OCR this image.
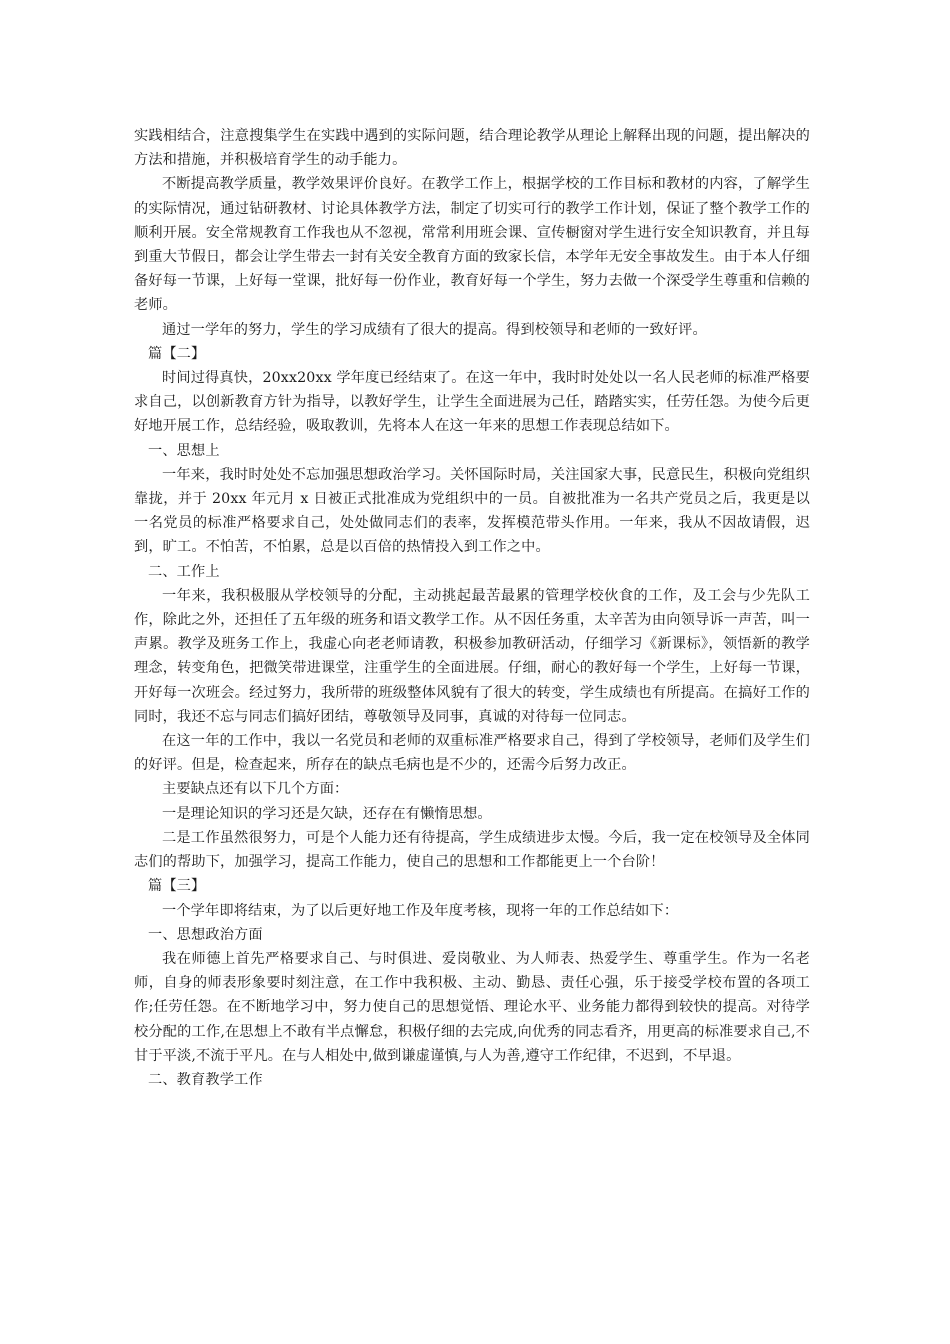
实践相结合，注意搜集学生在实践中遇到的实际问题，结合理论教学从理论上解释出现的问题，提出解决的方法和措施，并积极培育学生的动手能力。

不断提高教学质量，教学效果评价良好。在教学工作上，根据学校的工作目标和教材的内容，了解学生的实际情况，通过钻研教材、讨论具体教学方法，制定了切实可行的教学工作计划，保证了整个教学工作的顺利开展。安全常规教育工作我也从不忽视，常常利用班会课、宣传橱窗对学生进行安全知识教育，并且每到重大节假日，都会让学生带去一封有关安全教育方面的致家长信，本学年无安全事故发生。由于本人仔细备好每一节课，上好每一堂课，批好每一份作业，教育好每一个学生，努力去做一个深受学生尊重和信赖的老师。

通过一学年的努力，学生的学习成绩有了很大的提高。得到校领导和老师的一致好评。

篇【二】

时间过得真快，20xx20xx 学年度已经结束了。在这一年中，我时时处处以一名人民老师的标准严格要求自己，以创新教育方针为指导，以教好学生，让学生全面进展为己任，踏踏实实，任劳任怨。为使今后更好地开展工作，总结经验，吸取教训，先将本人在这一年来的思想工作表现总结如下。

一、思想上

一年来，我时时处处不忘加强思想政治学习。关怀国际时局，关注国家大事，民意民生，积极向党组织靠拢，并于 20xx 年元月 x 日被正式批准成为党组织中的一员。自被批准为一名共产党员之后，我更是以一名党员的标准严格要求自己，处处做同志们的表率，发挥模范带头作用。一年来，我从不因故请假，迟到，旷工。不怕苦，不怕累，总是以百倍的热情投入到工作之中。

二、工作上

一年来，我积极服从学校领导的分配，主动挑起最苦最累的管理学校伙食的工作，及工会与少先队工作，除此之外，还担任了五年级的班务和语文教学工作。从不因任务重，太辛苦为由向领导诉一声苦，叫一声累。教学及班务工作上，我虚心向老老师请教，积极参加教研活动，仔细学习《新课标》，领悟新的教学理念，转变角色，把微笑带进课堂，注重学生的全面进展。仔细，耐心的教好每一个学生，上好每一节课，开好每一次班会。经过努力，我所带的班级整体风貌有了很大的转变，学生成绩也有所提高。在搞好工作的同时，我还不忘与同志们搞好团结，尊敬领导及同事，真诚的对待每一位同志。

在这一年的工作中，我以一名党员和老师的双重标准严格要求自己，得到了学校领导，老师们及学生们的好评。但是，检查起来，所存在的缺点毛病也是不少的，还需今后努力改正。

主要缺点还有以下几个方面：

一是理论知识的学习还是欠缺，还存在有懒惰思想。

二是工作虽然很努力，可是个人能力还有待提高，学生成绩进步太慢。今后，我一定在校领导及全体同志们的帮助下，加强学习，提高工作能力，使自己的思想和工作都能更上一个台阶！

篇【三】

一个学年即将结束，为了以后更好地工作及年度考核，现将一年的工作总结如下：

一、思想政治方面

我在师德上首先严格要求自己、与时俱进、爱岗敬业、为人师表、热爱学生、尊重学生。作为一名老师，自身的师表形象要时刻注意，在工作中我积极、主动、勤恳、责任心强，乐于接受学校布置的各项工作;任劳任怨。在不断地学习中，努力使自己的思想觉悟、理论水平、业务能力都得到较快的提高。对待学校分配的工作,在思想上不敢有半点懈怠，积极仔细的去完成,向优秀的同志看齐，用更高的标准要求自己,不甘于平淡,不流于平凡。在与人相处中,做到谦虚谨慎,与人为善,遵守工作纪律，不迟到，不早退。

二、教育教学工作
